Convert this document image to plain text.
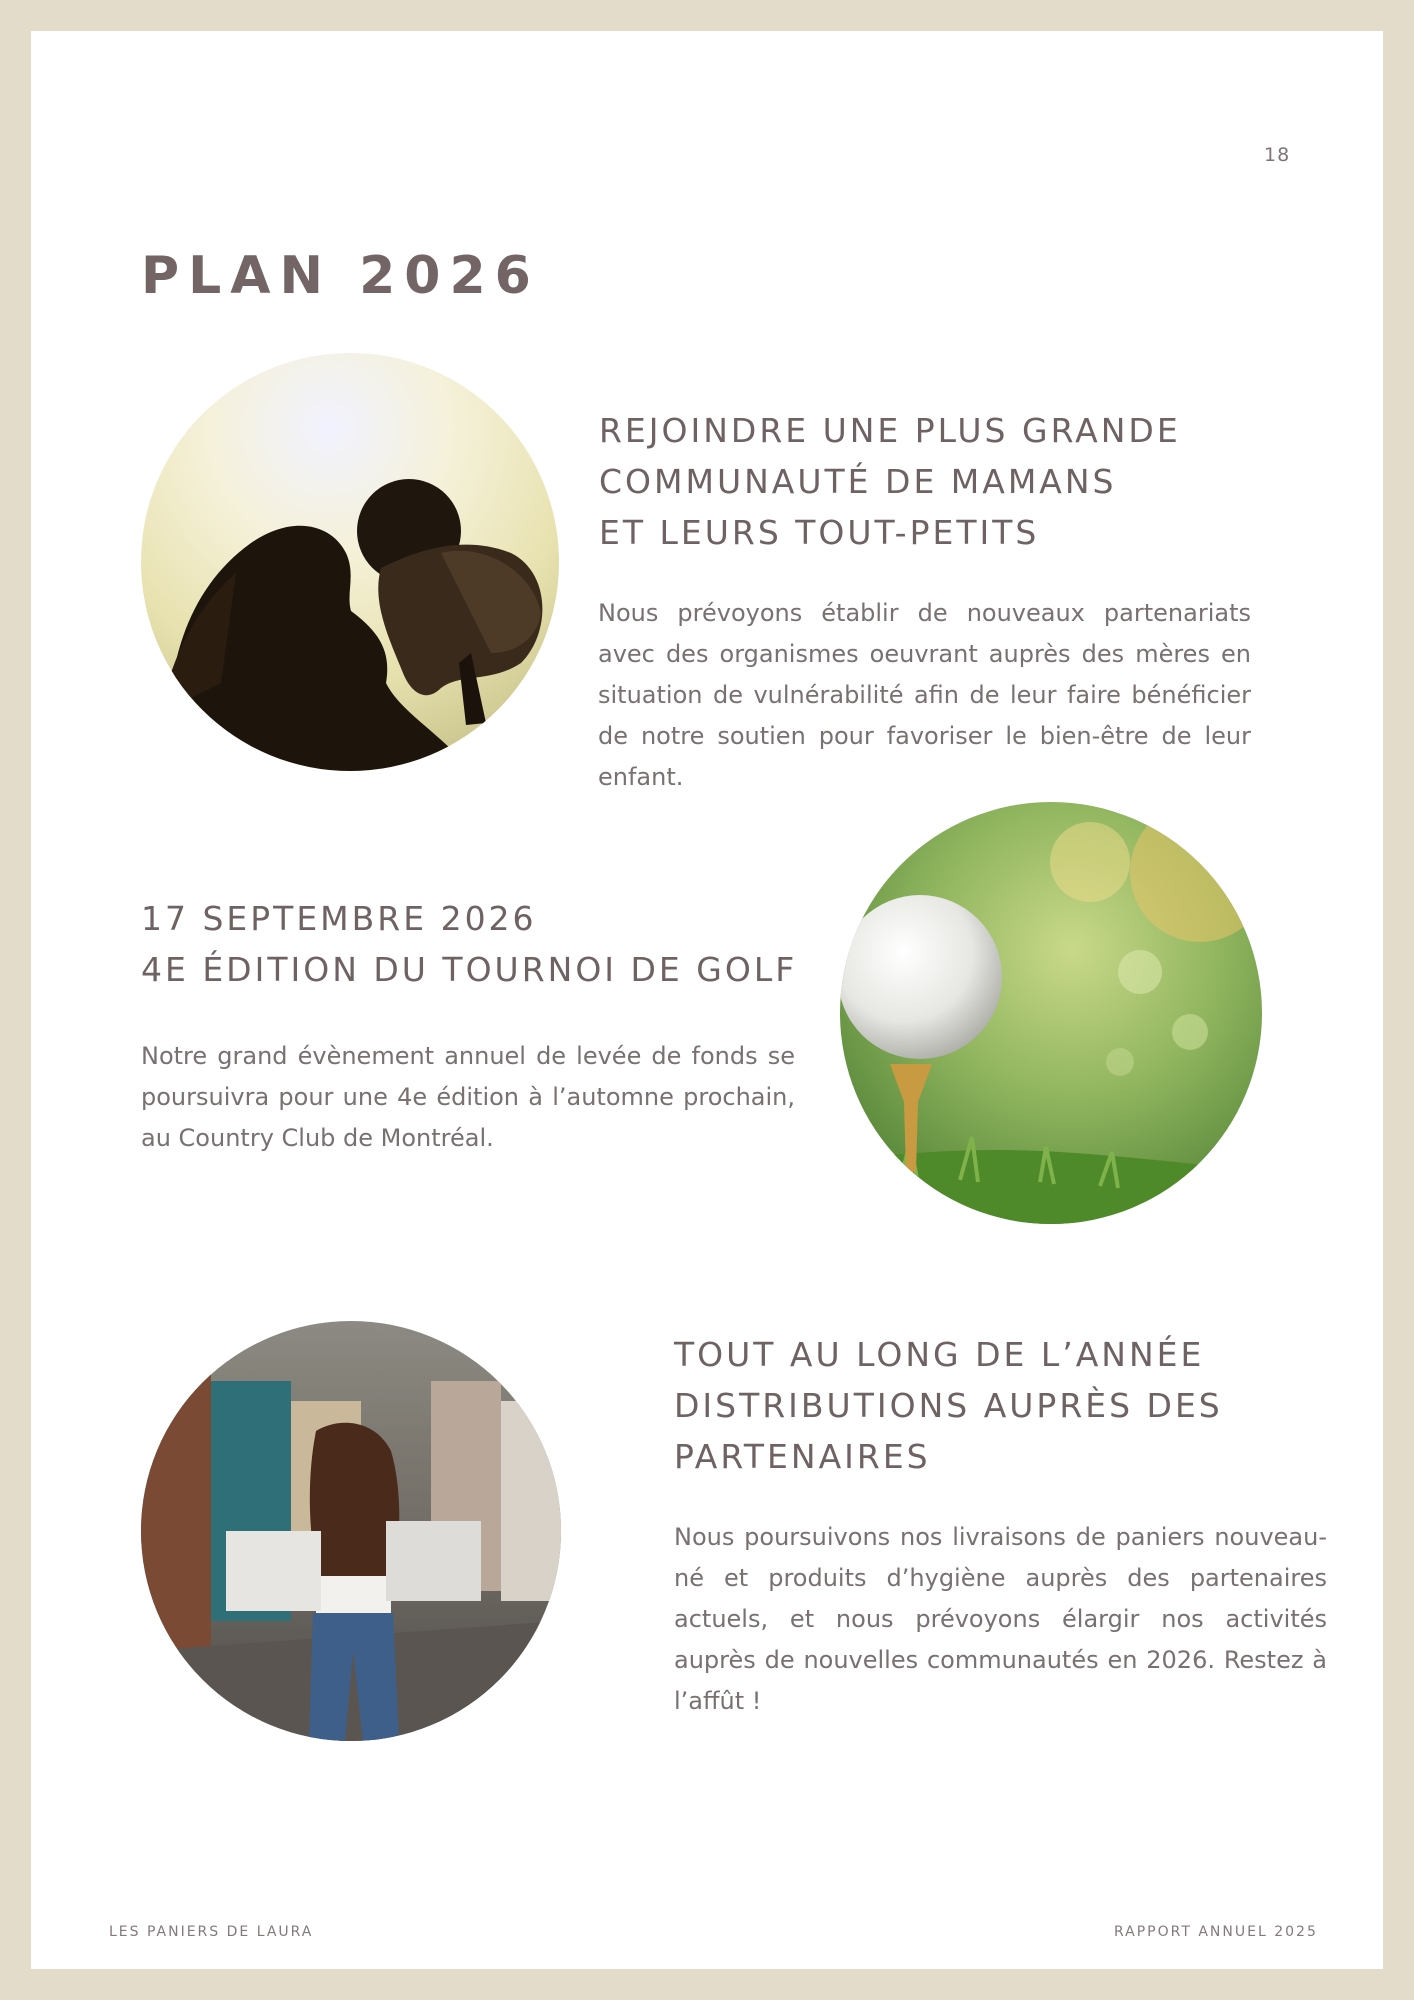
18
PLAN 2026
REJOINDRE UNE PLUS GRANDE
COMMUNAUTÉ DE MAMANS
ET LEURS TOUT-PETITS

Nous prévoyons établir de nouveaux partenariats avec des organismes oeuvrant auprès des mères en situation de vulnérabilité afin de leur faire bénéficier de notre soutien pour favoriser le bien-être de leur enfant.

17 SEPTEMBRE 2026
4E ÉDITION DU TOURNOI DE GOLF

Notre grand évènement annuel de levée de fonds se poursuivra pour une 4e édition à l’automne prochain, au Country Club de Montréal.

TOUT AU LONG DE L’ANNÉE
DISTRIBUTIONS AUPRÈS DES
PARTENAIRES

Nous poursuivons nos livraisons de paniers nouveau-né et produits d’hygiène auprès des partenaires actuels, et nous prévoyons élargir nos activités auprès de nouvelles communautés en 2026. Restez à l’affût !

LES PANIERS DE LAURA	RAPPORT ANNUEL 2025
